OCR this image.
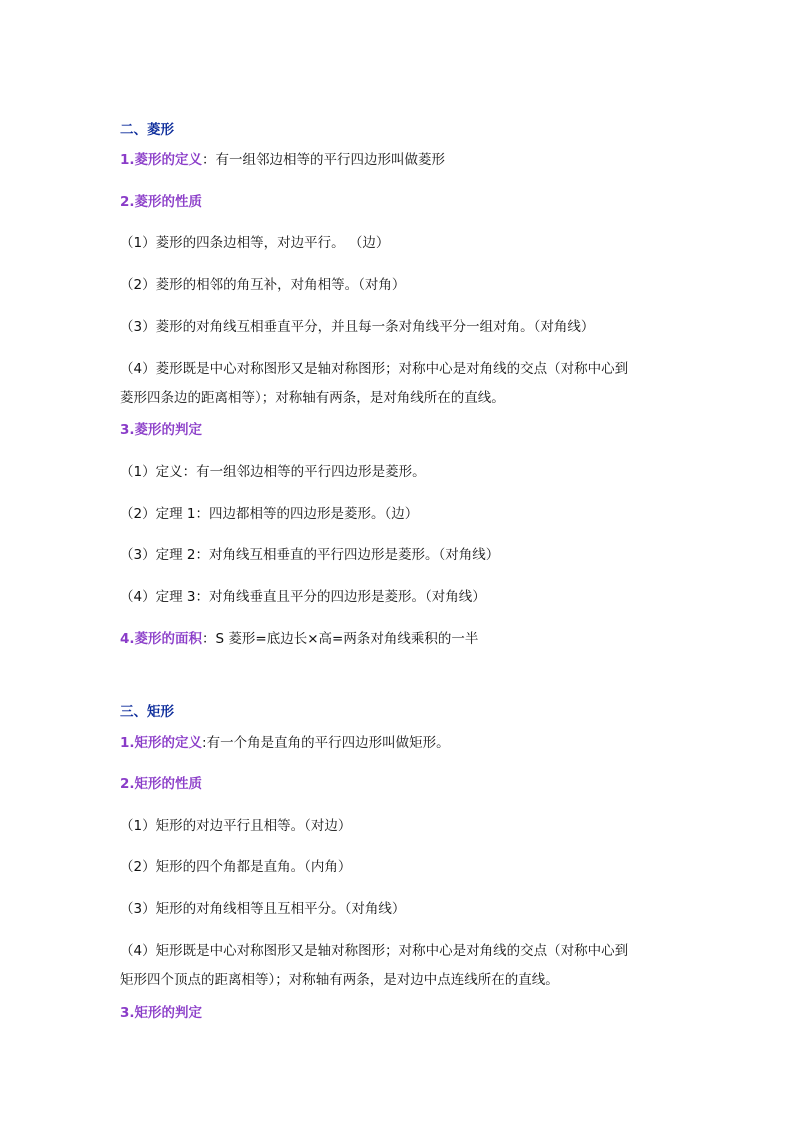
二、菱形
1.菱形的定义：有一组邻边相等的平行四边形叫做菱形
2.菱形的性质
（1）菱形的四条边相等，对边平行。 （边）
（2）菱形的相邻的角互补，对角相等。（对角）
（3）菱形的对角线互相垂直平分，并且每一条对角线平分一组对角。（对角线）
（4）菱形既是中心对称图形又是轴对称图形；对称中心是对角线的交点（对称中心到
菱形四条边的距离相等）；对称轴有两条，是对角线所在的直线。
3.菱形的判定
（1）定义：有一组邻边相等的平行四边形是菱形。
（2）定理 1：四边都相等的四边形是菱形。（边）
（3）定理 2：对角线互相垂直的平行四边形是菱形。（对角线）
（4）定理 3：对角线垂直且平分的四边形是菱形。（对角线）
4.菱形的面积：S 菱形=底边长×高=两条对角线乘积的一半
三、矩形
1.矩形的定义:有一个角是直角的平行四边形叫做矩形。
2.矩形的性质
（1）矩形的对边平行且相等。（对边）
（2）矩形的四个角都是直角。（内角）
（3）矩形的对角线相等且互相平分。（对角线）
（4）矩形既是中心对称图形又是轴对称图形；对称中心是对角线的交点（对称中心到
矩形四个顶点的距离相等）；对称轴有两条，是对边中点连线所在的直线。
3.矩形的判定
